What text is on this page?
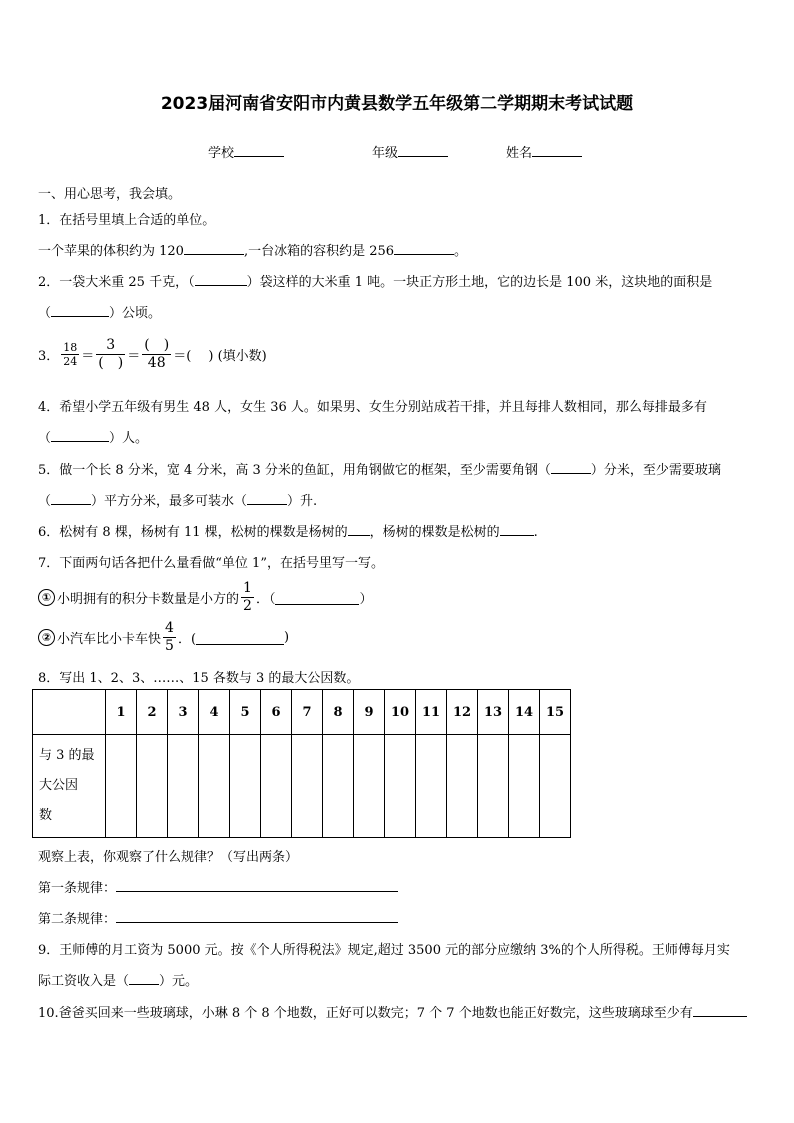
2023届河南省安阳市内黄县数学五年级第二学期期末考试试题
学校	年级	姓名
一、用心思考，我会填。
1．在括号里填上合适的单位。
一个苹果的体积约为 120	,一台冰箱的容积约是 256	。
2．一袋大米重 25 千克，（	）袋这样的大米重 1 吨。一块正方形土地，它的边长是 100 米，这块地的面积是
（	）公顷。
3． $\frac{18}{24} = \frac{3}{( )} = \frac{( )}{48}$ ＝(　 ) (填小数)
4．希望小学五年级有男生 48 人，女生 36 人。如果男、女生分别站成若干排，并且每排人数相同，那么每排最多有
（	）人。
5．做一个长 8 分米，宽 4 分米，高 3 分米的鱼缸，用角钢做它的框架，至少需要角钢（	）分米，至少需要玻璃
（	）平方分米，最多可装水（	）升.
6．松树有 8 棵，杨树有 11 棵，松树的棵数是杨树的 ，杨树的棵数是松树的	.
7．下面两句话各把什么量看做“单位 1”，在括号里写一写。
① 小明拥有的积分卡数量是小方的 $\frac{1}{2}$ ．（	）
② 小汽车比小卡车快 $\frac{4}{5}$ ．(	)
8．写出 1、2、3、……、15 各数与 3 的最大公因数。
	1	2	3	4	5	6	7	8	9	10	11	12	13	14	15

与 3 的最
大公因
数															

观察上表，你观察了什么规律？（写出两条）
第一条规律：
第二条规律：
9．王师傅的月工资为 5000 元。按《个人所得税法》规定,超过 3500 元的部分应缴纳 3%的个人所得税。王师傅每月实
际工资收入是（ ）元。
10.爸爸买回来一些玻璃球，小琳 8 个 8 个地数，正好可以数完；7 个 7 个地数也能正好数完，这些玻璃球至少有
